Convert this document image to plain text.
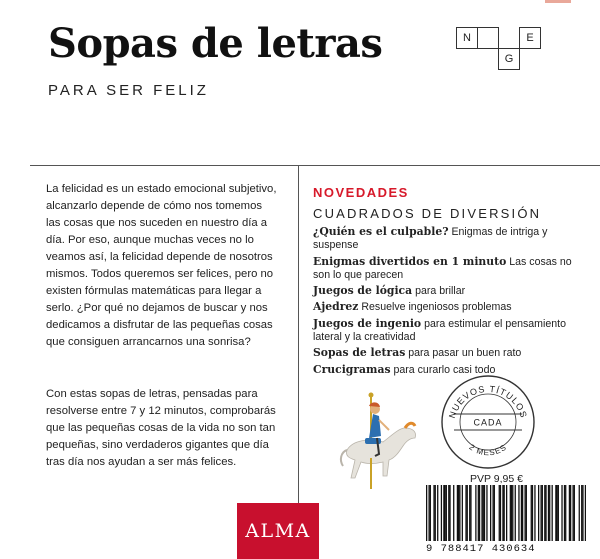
Sopas de letras
PARA SER FELIZ
N	E
G

La felicidad es un estado emocional subjetivo, alcanzarlo depende de cómo nos tomemos las cosas que nos suceden en nuestro día a día. Por eso, aunque muchas veces no lo veamos así, la felicidad depende de nosotros mismos. Todos queremos ser felices, pero no existen fórmulas matemáticas para llegar a serlo. ¿Por qué no dejamos de buscar y nos dedicamos a disfrutar de las pequeñas cosas que consiguen arrancarnos una sonrisa?

Con estas sopas de letras, pensadas para resolverse entre 7 y 12 minutos, comprobarás que las pequeñas cosas de la vida no son tan pequeñas, sino verdaderos gigantes que día tras día nos ayudan a ser más felices.

NOVEDADES
CUADRADOS DE DIVERSIÓN
¿Quién es el culpable? Enigmas de intriga y suspense
Enigmas divertidos en 1 minuto Las cosas no son lo que parecen
Juegos de lógica para brillar
Ajedrez Resuelve ingeniosos problemas
Juegos de ingenio para estimular el pensamiento lateral y la creatividad
Sopas de letras para pasar un buen rato
Crucigramas para curarlo casi todo
NUEVOS TÍTULOS
CADA
2 MESES
PVP 9,95 €
9 788417 430634
ALMA
